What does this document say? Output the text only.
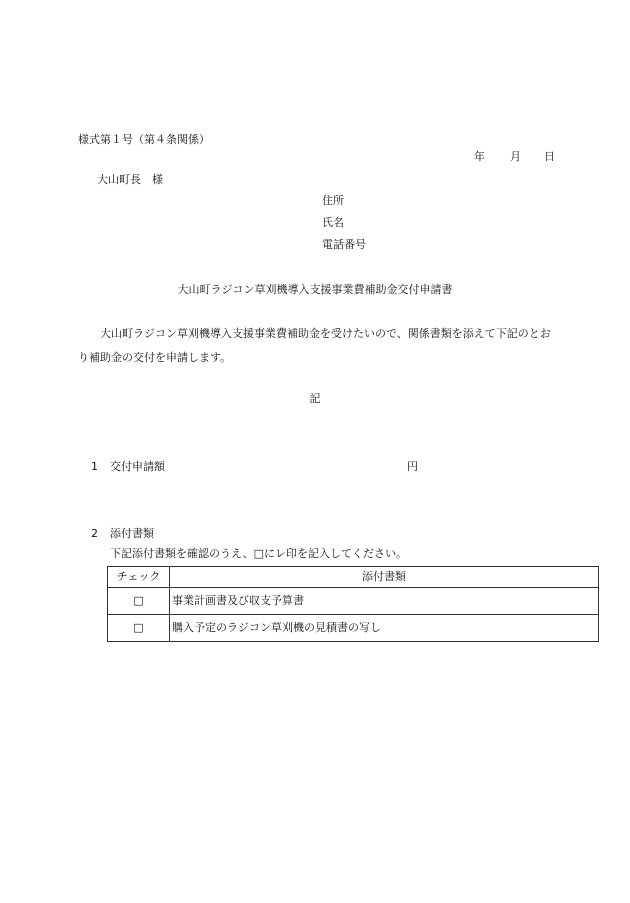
様式第１号（第４条関係）
年	月	日
大山町長　様
住所
氏名
電話番号
大山町ラジコン草刈機導入支援事業費補助金交付申請書
大山町ラジコン草刈機導入支援事業費補助金を受けたいので、関係書類を添えて下記のとおり補助金の交付を申請します。
記
1 交付申請額	円
2 添付書類
下記添付書類を確認のうえ、□にレ印を記入してください。
チェック	添付書類
□	事業計画書及び収支予算書
□	購入予定のラジコン草刈機の見積書の写し
